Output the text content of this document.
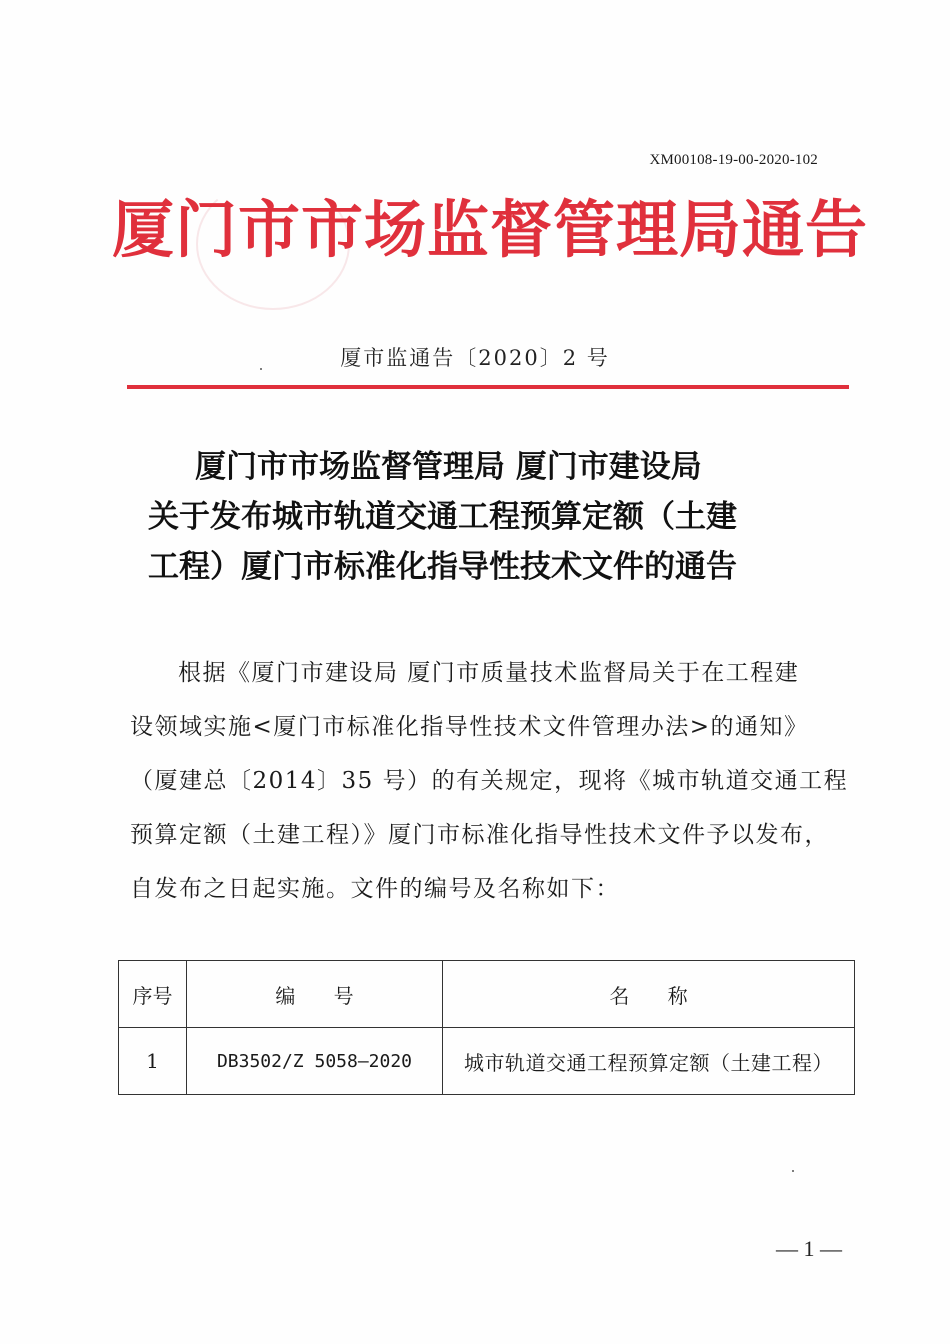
XM00108-19-00-2020-102
厦门市市场监督管理局通告
厦市监通告〔2020〕2 号
厦门市市场监督管理局 厦门市建设局
关于发布城市轨道交通工程预算定额（土建
工程）厦门市标准化指导性技术文件的通告
根据《厦门市建设局 厦门市质量技术监督局关于在工程建
设领域实施<厦门市标准化指导性技术文件管理办法>的通知》
（厦建总〔2014〕35 号）的有关规定，现将《城市轨道交通工程
预算定额（土建工程）》厦门市标准化指导性技术文件予以发布，
自发布之日起实施。文件的编号及名称如下：
序号	编      号	名      称
1	DB3502/Z 5058—2020	城市轨道交通工程预算定额（土建工程）
— 1 —
